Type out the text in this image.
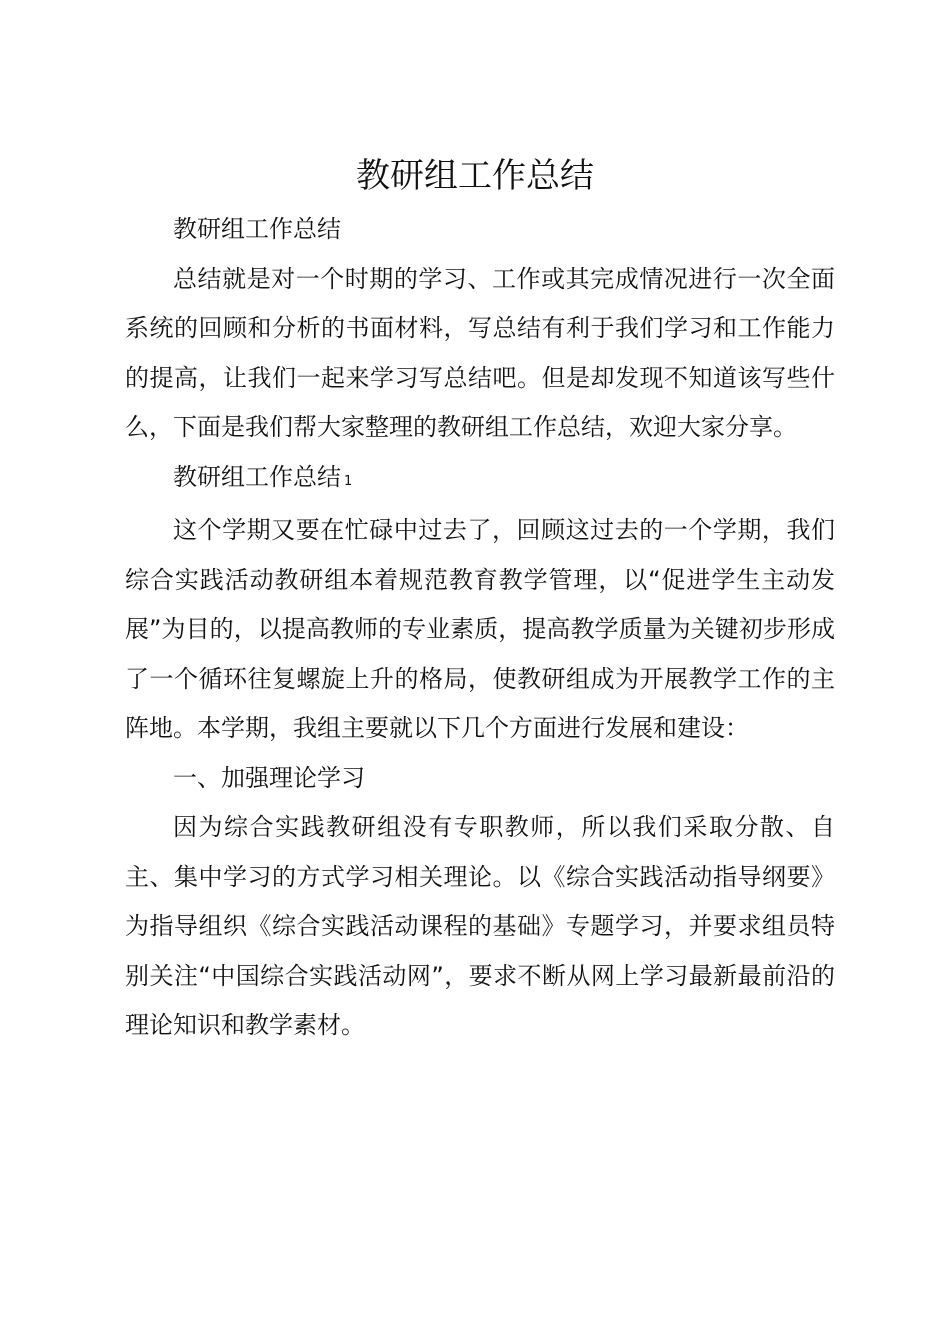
教研组工作总结

教研组工作总结

总结就是对一个时期的学习、工作或其完成情况进行一次全面系统的回顾和分析的书面材料，写总结有利于我们学习和工作能力的提高，让我们一起来学习写总结吧。但是却发现不知道该写些什么，下面是我们帮大家整理的教研组工作总结，欢迎大家分享。

教研组工作总结 1

这个学期又要在忙碌中过去了，回顾这过去的一个学期，我们综合实践活动教研组本着规范教育教学管理，以“促进学生主动发展”为目的，以提高教师的专业素质，提高教学质量为关键初步形成了一个循环往复螺旋上升的格局，使教研组成为开展教学工作的主阵地。本学期，我组主要就以下几个方面进行发展和建设：

一、加强理论学习

因为综合实践教研组没有专职教师，所以我们采取分散、自主、集中学习的方式学习相关理论。以《综合实践活动指导纲要》为指导组织《综合实践活动课程的基础》专题学习，并要求组员特别关注“中国综合实践活动网”，要求不断从网上学习最新最前沿的理论知识和教学素材。
